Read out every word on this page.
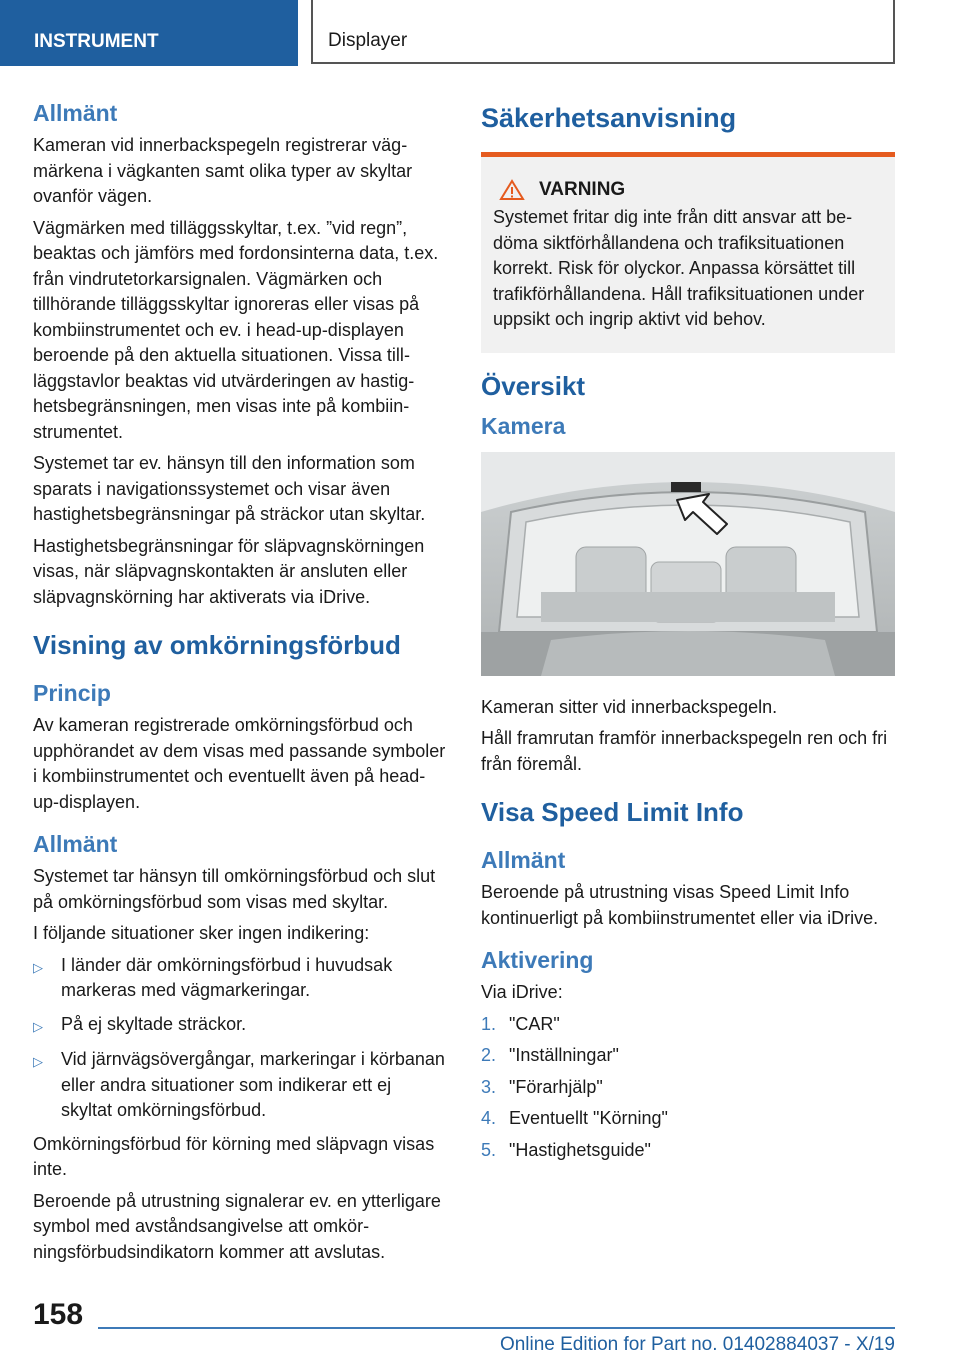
INSTRUMENT	Displayer
Allmänt

Kameran vid innerbackspegeln registrerar vägmärkena i vägkanten samt olika typer av skyltar ovanför vägen.

Vägmärken med tilläggsskyltar, t.ex. ”vid regn”, beaktas och jämförs med fordonsinterna data, t.ex. från vindrutetorkarsignalen. Vägmärken och tillhörande tilläggsskyltar ignoreras eller visas på kombiinstrumentet och ev. i head-up-displayen beroende på den aktuella situationen. Vissa tillläggstavlor beaktas vid utvärderingen av hastighetsbegränsningen, men visas inte på kombiinstrumentet.

Systemet tar ev. hänsyn till den information som sparats i navigationssystemet och visar även hastighetsbegränsningar på sträckor utan skyltar.

Hastighetsbegränsningar för släpvagnskörningen visas, när släpvagnskontakten är ansluten eller släpvagnskörning har aktiverats via iDrive.

Visning av omkörningsförbud
Princip

Av kameran registrerade omkörningsförbud och upphörandet av dem visas med passande symboler i kombiinstrumentet och eventuellt även på head-up-displayen.

Allmänt

Systemet tar hänsyn till omkörningsförbud och slut på omkörningsförbud som visas med skyltar.

I följande situationer sker ingen indikering:

▷	I länder där omkörningsförbud i huvudsak markeras med vägmarkeringar.
▷	På ej skyltade sträckor.
▷	Vid järnvägsövergångar, markeringar i körbanan eller andra situationer som indikerar ett ej skyltat omkörningsförbud.

Omkörningsförbud för körning med släpvagn visas inte.

Beroende på utrustning signalerar ev. en ytterligare symbol med avståndsangivelse att omkörningsförbudsindikatorn kommer att avslutas.

Säkerhetsanvisning
VARNING

Systemet fritar dig inte från ditt ansvar att bedöma siktförhållandena och trafiksituationen korrekt. Risk för olyckor. Anpassa körsättet till trafikförhållandena. Håll trafiksituationen under uppsikt och ingrip aktivt vid behov.

Översikt
Kamera

Kameran sitter vid innerbackspegeln.

Håll framrutan framför innerbackspegeln ren och fri från föremål.

Visa Speed Limit Info
Allmänt

Beroende på utrustning visas Speed Limit Info kontinuerligt på kombiinstrumentet eller via iDrive.

Aktivering

Via iDrive:

1. "CAR"
2. "Inställningar"
3. "Förarhjälp"
4. Eventuellt "Körning"
5. "Hastighetsguide"
158
Online Edition for Part no. 01402884037 - X/19
